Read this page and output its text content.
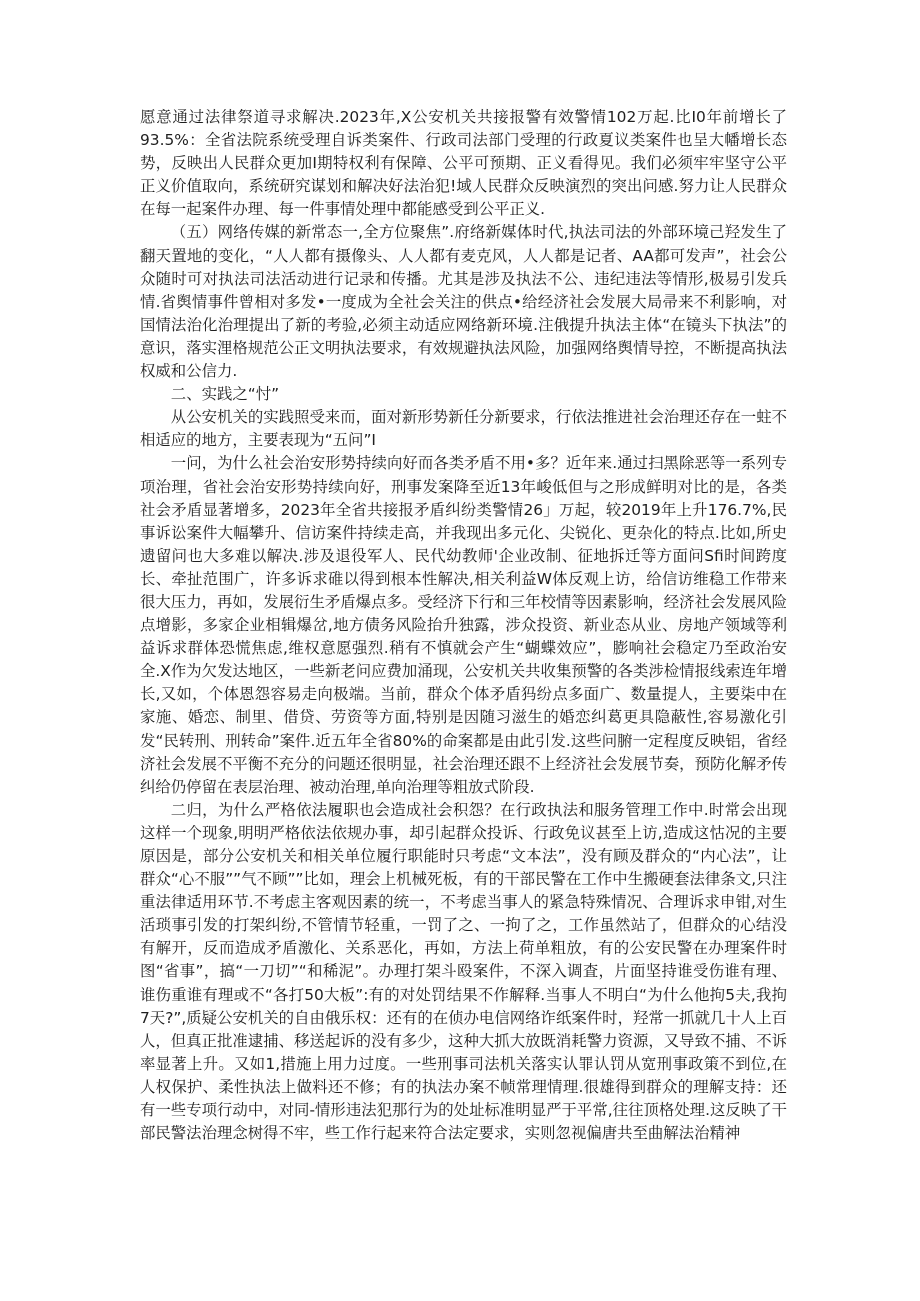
愿意通过法律祭道寻求解决.2023年,X公安机关共接报警有效警情102万起.比I0年前增长了93.5%：全省法院系统受理自诉类案件、行政司法部门受理的行政夏议类案件也呈大幡增长态势，反映出人民群众更加I期特权利有保障、公平可预期、正义看得见。我们必须牢牢坚守公平正义价值取向，系统研究谋划和解决好法治犯!域人民群众反映演烈的突出问感.努力让人民群众在每一起案件办理、每一件事情处理中都能感受到公平正义.

（五）网络传媒的新常态一,全方位聚焦”.府络新媒体时代,执法司法的外部环境己羟发生了翻天置地的变化，“人人都有摄像头、人人都有麦克风，人人都是记者、AA都可发声”，社会公众随时可对执法司法活动进行记录和传播。尤其是涉及执法不公、违纪违法等情形,极易引发兵情.省舆情事件曾相对多发•一度成为全社会关注的供点•给经济社会发展大局帚来不利影响，对国情法治化治理提出了新的考验,必须主动适应网络新环境.注俄提升执法主体“在镜头下执法”的意识，落实浬格规范公正文明执法要求，有效规避执法风险，加强网络舆情导控，不断提高执法权威和公信力.

二、实践之“忖”

从公安机关的实践照受来而，面对新形势新任分新要求，行依法推进社会治理还存在一蛀不相适应的地方，主要表现为“五问”I

一问，为什么社会治安形势持续向好而各类矛盾不用•多？近年来.通过扫黑除恶等一系列专项治理，省社会治安形势持续向好，刑事发案降至近13年峻低但与之形成鲜明对比的是，各类社会矛盾显著增多，2023年全省共接报矛盾纠纷类警情26」万起，较2019年上升176.7%,民事诉讼案件大幅攀升、信访案件持续走高，并我现出多元化、尖锐化、更杂化的特点.比如,所史遗留问也大多难以解决.涉及退役军人、民代幼教师'企业改制、征地拆迁等方面问Sfi时间跨度长、牵扯范围广，许多诉求碓以得到根本性解决,相关利益W体反观上访，给信访维稳工作带来很大压力，再如，发展衍生矛盾爆点多。受经济下行和三年校情等因素影响，经济社会发展风险点增影，多家企业相辑爆岔,地方债务风险抬升独露，涉众投资、新业态从业、房地产领域等利益诉求群体恐慌焦虑,维权意愿强烈.稍有不慎就会产生“蝴蝶效应”，膨响社会稳定乃至政治安全.X作为欠发达地区，一些新老问应费加涌现，公安机关共收集预警的各类涉检情报线索连年增长,又如，个体恩怨容易走向极端。当前，群众个体矛盾犸纷点多面广、数量提人，主要柒中在家施、婚恋、制里、借贷、劳资等方面,特别是因随习滋生的婚恋纠葛更具隐蔽性,容易激化引发“民转刑、刑转命”案件.近五年全省80%的命案都是由此引发.这些问腑一定程度反映铝，省经济社会发展不平衡不充分的问题还很明显，社会治理还跟不上经济社会发展节奏，预防化解矛传纠给仍停留在表层治理、被动治理,单向治理等粗放式阶段.

二归，为什么严格依法履职也会造成社会积怨？在行政执法和服务管理工作中.时常会出现这样一个现象,明明严格依法依规办事，却引起群众投诉、行政免议甚至上访,造成这怙况的主要原因是，部分公安机关和相关单位履行职能时只考虑“文本法”，没有顾及群众的“内心法”，让群众“心不服””气不顾””比如，理会上机械死板，有的干部民警在工作中生搬硬套法律条文,只注重法律适用环节.不考虑主客观因素的统一，不考虑当事人的紧急特殊情况、合理诉求申钳,对生活琐事引发的打架纠纷,不管情节轻重，一罚了之、一拘了之，工作虽然站了，但群众的心结没有解开，反而造成矛盾激化、关系恶化，再如，方法上荷单粗放，有的公安民警在办理案件时图“省事”，搞“一刀切”“和稀泥”。办理打架斗殴案件，不深入调査，片面坚持谁受伤谁有理、谁伤重谁有理或不“各打50大板”:有的对处罚结果不作解释.当事人不明白“为什么他拘5夫,我拘7天?”,质疑公安机关的自由俄乐权：还有的在侦办电信网络诈纸案件时，羟常一抓就几十人上百人，但真正批准逮捕、移送起诉的没有多少，这种大抓大放既消耗警力资源，又导致不捕、不诉率显著上升。又如1,措施上用力过度。一些刑事司法机关落实认罪认罚从宽刑事政策不到位,在人权保护、柔性执法上做料还不修；有的执法办案不帧常理情理.很雄得到群众的理解支持：还有一些专项行动中，对同-情形违法犯那行为的处址标准明显严于平常,往往顶格处理.这反映了干部民警法治理念树得不牢，些工作行起来符合法定要求，实则忽视偏唐共至曲解法治精神
